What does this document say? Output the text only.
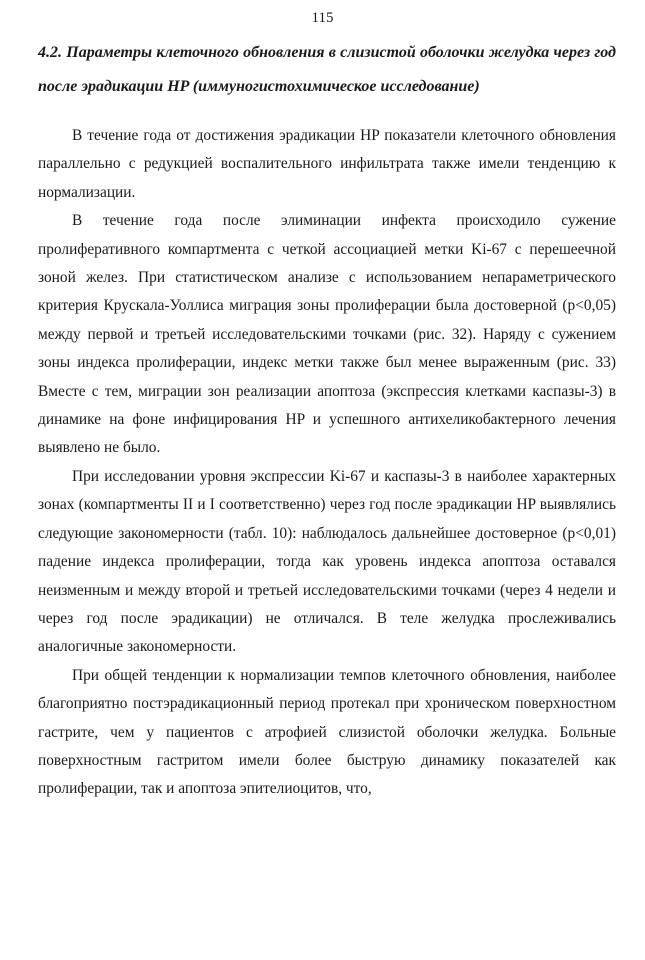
115
4.2. Параметры клеточного обновления в слизистой оболочки желудка через год после эрадикации HP (иммуногистохимическое исследование)

В течение года от достижения эрадикации HP показатели клеточного обновления параллельно с редукцией воспалительного инфильтрата также имели тенденцию к нормализации.

В течение года после элиминации инфекта происходило сужение пролиферативного компартмента с четкой ассоциацией метки Ki-67 с перешеечной зоной желез. При статистическом анализе с использованием непараметрического критерия Крускала-Уоллиса миграция зоны пролиферации была достоверной (p<0,05) между первой и третьей исследовательскими точками (рис. 32). Наряду с сужением зоны индекса пролиферации, индекс метки также был менее выраженным (рис. 33) Вместе с тем, миграции зон реализации апоптоза (экспрессия клетками каспазы-3) в динамике на фоне инфицирования HP и успешного антихеликобактерного лечения выявлено не было.

При исследовании уровня экспрессии Ki-67 и каспазы-3 в наиболее характерных зонах (компартменты II и I соответственно) через год после эрадикации HP выявлялись следующие закономерности (табл. 10): наблюдалось дальнейшее достоверное (p<0,01) падение индекса пролиферации, тогда как уровень индекса апоптоза оставался неизменным и между второй и третьей исследовательскими точками (через 4 недели и через год после эрадикации) не отличался. В теле желудка прослеживались аналогичные закономерности.

При общей тенденции к нормализации темпов клеточного обновления, наиболее благоприятно постэрадикационный период протекал при хроническом поверхностном гастрите, чем у пациентов с атрофией слизистой оболочки желудка. Больные поверхностным гастритом имели более быструю динамику показателей как пролиферации, так и апоптоза эпителиоцитов, что,
